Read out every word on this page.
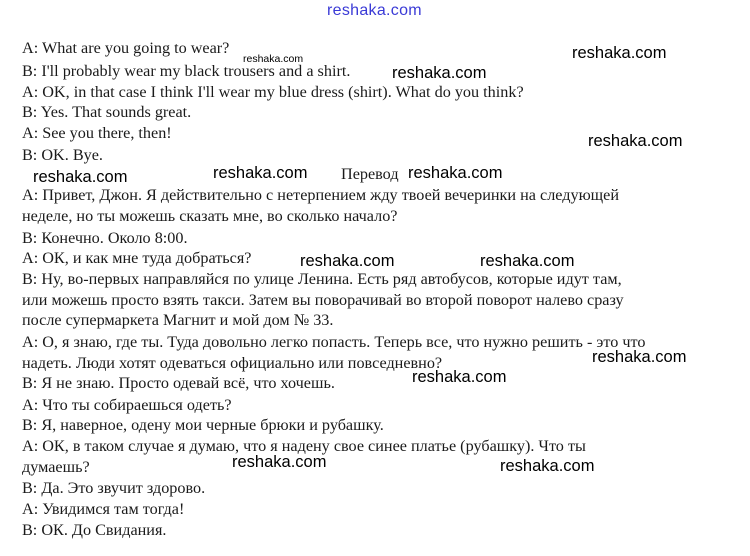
reshaka.com
A: What are you going to wear?
B: I'll probably wear my black trousers and a shirt.
A: OK, in that case I think I'll wear my blue dress (shirt). What do you think?
B: Yes. That sounds great.
A: See you there, then!
B: OK. Bye.
A: Привет, Джон. Я действительно с нетерпением жду твоей вечеринки на следующей
неделе, но ты можешь сказать мне, во сколько начало?
B: Конечно. Около 8:00.
A: ОК, и как мне туда добраться?
B: Ну, во-первых направляйся по улице Ленина. Есть ряд автобусов, которые идут там,
или можешь просто взять такси. Затем вы поворачивай во второй поворот налево сразу
после супермаркета Магнит и мой дом № 33.
A: О, я знаю, где ты. Туда довольно легко попасть. Теперь все, что нужно решить - это что
надеть. Люди хотят одеваться официально или повседневно?
B: Я не знаю. Просто одевай всё, что хочешь.
A: Что ты собираешься одеть?
B: Я, наверное, одену мои черные брюки и рубашку.
A: ОК, в таком случае я думаю, что я надену свое синее платье (рубашку). Что ты
думаешь?
B: Да. Это звучит здорово.
A: Увидимся там тогда!
B: ОК. До Свидания.
Перевод
reshaka.com	reshaka.com
reshaka.com
reshaka.com
reshaka.com	reshaka.com	reshaka.com
reshaka.com	reshaka.com
reshaka.com
reshaka.com
reshaka.com	reshaka.com
